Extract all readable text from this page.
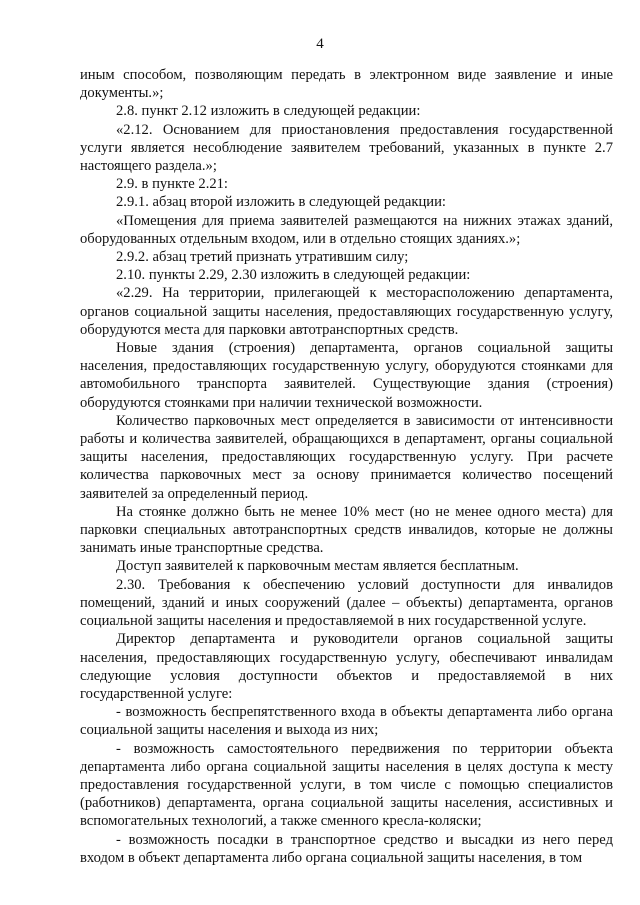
4

иным способом, позволяющим передать в электронном виде заявление и иные документы.»;

2.8. пункт 2.12 изложить в следующей редакции:

«2.12. Основанием для приостановления предоставления государственной услуги является несоблюдение заявителем требований, указанных в пункте 2.7 настоящего раздела.»;

2.9. в пункте 2.21:

2.9.1. абзац второй изложить в следующей редакции:

«Помещения для приема заявителей размещаются на нижних этажах зданий, оборудованных отдельным входом, или в отдельно стоящих зданиях.»;

2.9.2. абзац третий признать утратившим силу;

2.10. пункты 2.29, 2.30 изложить в следующей редакции:

«2.29. На территории, прилегающей к месторасположению департамента, органов социальной защиты населения, предоставляющих государственную услугу, оборудуются места для парковки автотранспортных средств.

Новые здания (строения) департамента, органов социальной защиты населения, предоставляющих государственную услугу, оборудуются стоянками для автомобильного транспорта заявителей. Существующие здания (строения) оборудуются стоянками при наличии технической возможности.

Количество парковочных мест определяется в зависимости от интенсивности работы и количества заявителей, обращающихся в департамент, органы социальной защиты населения, предоставляющих государственную услугу. При расчете количества парковочных мест за основу принимается количество посещений заявителей за определенный период.

На стоянке должно быть не менее 10% мест (но не менее одного места) для парковки специальных автотранспортных средств инвалидов, которые не должны занимать иные транспортные средства.

Доступ заявителей к парковочным местам является бесплатным.

2.30. Требования к обеспечению условий доступности для инвалидов помещений, зданий и иных сооружений (далее – объекты) департамента, органов социальной защиты населения и предоставляемой в них государственной услуге.

Директор департамента и руководители органов социальной защиты населения, предоставляющих государственную услугу, обеспечивают инвалидам следующие условия доступности объектов и предоставляемой в них государственной услуге:

- возможность беспрепятственного входа в объекты департамента либо органа социальной защиты населения и выхода из них;

- возможность самостоятельного передвижения по территории объекта департамента либо органа социальной защиты населения в целях доступа к месту предоставления государственной услуги, в том числе с помощью специалистов (работников) департамента, органа социальной защиты населения, ассистивных и вспомогательных технологий, а также сменного кресла-коляски;

- возможность посадки в транспортное средство и высадки из него перед входом в объект департамента либо органа социальной защиты населения, в том
